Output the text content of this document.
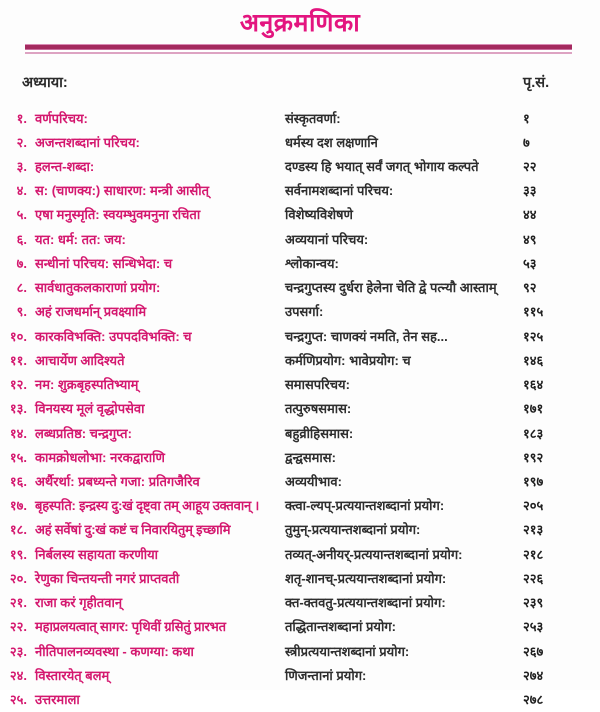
अनुक्रमणिका
अध्याया:			पृ.सं.
१.	वर्णपरिचय:	संस्कृतवर्णा:	१
२.	अजन्तशब्दानां परिचय:	धर्मस्य दश लक्षणानि	७
३.	हलन्त-शब्दा:	दण्डस्य हि भयात् सर्वं जगत् भोगाय कल्पते	२२
४.	स: (चाणक्य:) साधारण: मन्त्री आसीत्	सर्वनामशब्दानां परिचय:	३३
५.	एषा मनुस्मृति: स्वयम्भुवमनुना रचिता	विशेष्यविशेषणे	४४
६.	यत: धर्म: तत: जय:	अव्ययानां परिचय:	४९
७.	सन्धीनां परिचय: सन्धिभेदा: च	श्लोकान्वय:	५३
८.	सार्वधातुकलकाराणां प्रयोग:	चन्द्रगुप्तस्य दुर्धरा हेलेना चेति द्वे पत्न्यौ आस्ताम्	९२
९.	अहं राजधर्मान् प्रवक्ष्यामि	उपसर्गा:	११५
१०.	कारकविभक्ति: उपपदविभक्ति: च	चन्द्रगुप्त: चाणक्यं नमति, तेन सह...	१२५
११.	आचार्येण आदिश्यते	कर्मणिप्रयोग: भावेप्रयोग: च	१४६
१२.	नम: शुक्रबृहस्पतिभ्याम्	समासपरिचय:	१६४
१३.	विनयस्य मूलं वृद्धोपसेवा	तत्पुरुषसमास:	१७१
१४.	लब्धप्रतिष्ठ: चन्द्रगुप्त:	बहुव्रीहिसमास:	१८३
१५.	कामक्रोधलोभा: नरकद्वाराणि	द्वन्द्वसमास:	१९२
१६.	अर्थैरर्था: प्रबध्यन्ते गजा: प्रतिगजैरिव	अव्ययीभाव:	१९७
१७.	बृहस्पति: इन्द्रस्य दु:खं दृष्ट्वा तम् आहूय उक्तवान् ।	क्त्वा-ल्यप्-प्रत्ययान्तशब्दानां प्रयोग:	२०५
१८.	अहं सर्वेषां दु:खं कष्टं च निवारयितुम् इच्छामि	तुमुन्-प्रत्ययान्तशब्दानां प्रयोग:	२१३
१९.	निर्बलस्य सहायता करणीया	तव्यत्-अनीयर्-प्रत्ययान्तशब्दानां प्रयोग:	२१८
२०.	रेणुका चिन्तयन्ती नगरं प्राप्तवती	शतृ-शानच्-प्रत्ययान्तशब्दानां प्रयोग:	२२६
२१.	राजा करं गृहीतवान्	क्त-क्तवतु-प्रत्ययान्तशब्दानां प्रयोग:	२३९
२२.	महाप्रलयत्वात् सागर: पृथिवीं ग्रसितुं प्रारभत	तद्धितान्तशब्दानां प्रयोग:	२५३
२३.	नीतिपालनव्यवस्था - कणग्या: कथा	स्त्रीप्रत्ययान्तशब्दानां प्रयोग:	२६७
२४.	विस्तारयेत् बलम्	णिजन्तानां प्रयोग:	२७४
२५.	उत्तरमाला		२७८
